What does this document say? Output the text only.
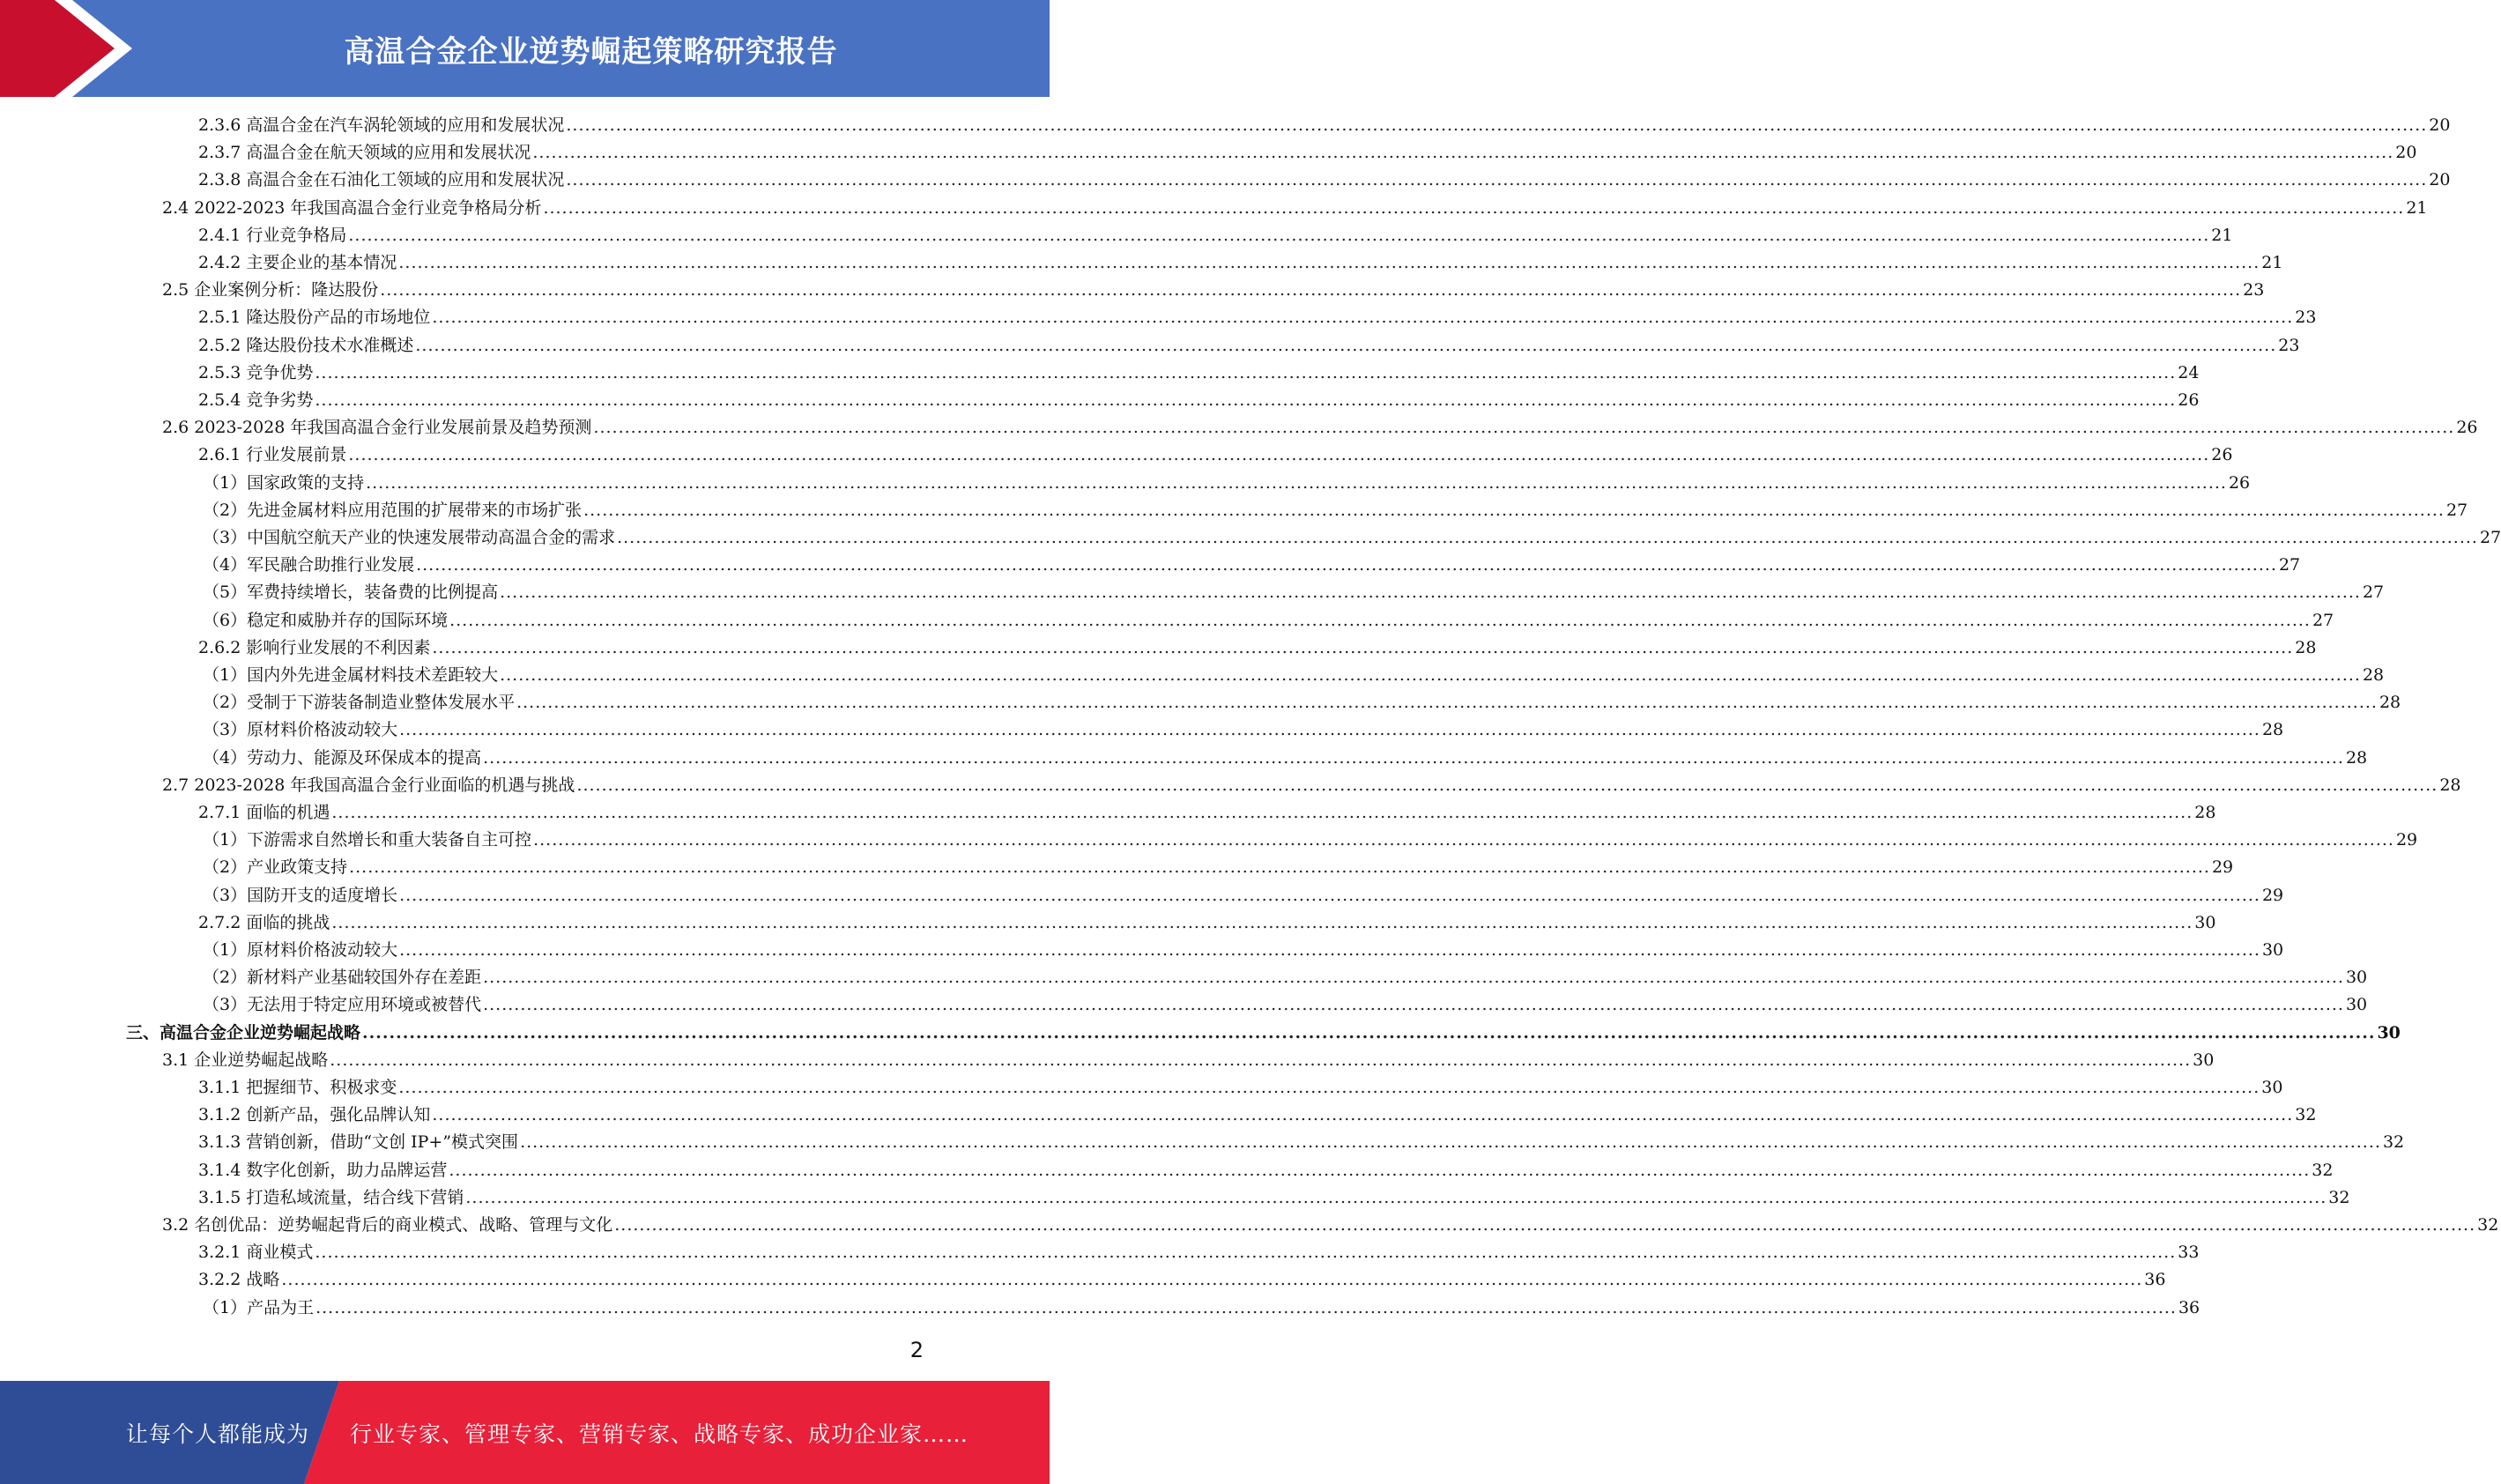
高温合金企业逆势崛起策略研究报告
2.3.6 高温合金在汽车涡轮领域的应用和发展状况 ............................................................................................................................................................................................................................................................................................................ 20
2.3.7 高温合金在航天领域的应用和发展状况 ............................................................................................................................................................................................................................................................................................................ 20
2.3.8 高温合金在石油化工领域的应用和发展状况 ............................................................................................................................................................................................................................................................................................................ 20
2.4 2022-2023 年我国高温合金行业竞争格局分析 ............................................................................................................................................................................................................................................................................................................ 21
2.4.1 行业竞争格局 ............................................................................................................................................................................................................................................................................................................ 21
2.4.2 主要企业的基本情况 ............................................................................................................................................................................................................................................................................................................ 21
2.5 企业案例分析：隆达股份 ............................................................................................................................................................................................................................................................................................................ 23
2.5.1 隆达股份产品的市场地位 ............................................................................................................................................................................................................................................................................................................ 23
2.5.2 隆达股份技术水准概述 ............................................................................................................................................................................................................................................................................................................ 23
2.5.3 竞争优势 ............................................................................................................................................................................................................................................................................................................ 24
2.5.4 竞争劣势 ............................................................................................................................................................................................................................................................................................................ 26
2.6 2023-2028 年我国高温合金行业发展前景及趋势预测 ............................................................................................................................................................................................................................................................................................................ 26
2.6.1 行业发展前景 ............................................................................................................................................................................................................................................................................................................ 26
（1）国家政策的支持 ............................................................................................................................................................................................................................................................................................................ 26
（2）先进金属材料应用范围的扩展带来的市场扩张 ............................................................................................................................................................................................................................................................................................................ 27
（3）中国航空航天产业的快速发展带动高温合金的需求 ............................................................................................................................................................................................................................................................................................................ 27
（4）军民融合助推行业发展 ............................................................................................................................................................................................................................................................................................................ 27
（5）军费持续增长，装备费的比例提高 ............................................................................................................................................................................................................................................................................................................ 27
（6）稳定和威胁并存的国际环境 ............................................................................................................................................................................................................................................................................................................ 27
2.6.2 影响行业发展的不利因素 ............................................................................................................................................................................................................................................................................................................ 28
（1）国内外先进金属材料技术差距较大 ............................................................................................................................................................................................................................................................................................................ 28
（2）受制于下游装备制造业整体发展水平 ............................................................................................................................................................................................................................................................................................................ 28
（3）原材料价格波动较大 ............................................................................................................................................................................................................................................................................................................ 28
（4）劳动力、能源及环保成本的提高 ............................................................................................................................................................................................................................................................................................................ 28
2.7 2023-2028 年我国高温合金行业面临的机遇与挑战 ............................................................................................................................................................................................................................................................................................................ 28
2.7.1 面临的机遇 ............................................................................................................................................................................................................................................................................................................ 28
（1）下游需求自然增长和重大装备自主可控 ............................................................................................................................................................................................................................................................................................................ 29
（2）产业政策支持 ............................................................................................................................................................................................................................................................................................................ 29
（3）国防开支的适度增长 ............................................................................................................................................................................................................................................................................................................ 29
2.7.2 面临的挑战 ............................................................................................................................................................................................................................................................................................................ 30
（1）原材料价格波动较大 ............................................................................................................................................................................................................................................................................................................ 30
（2）新材料产业基础较国外存在差距 ............................................................................................................................................................................................................................................................................................................ 30
（3）无法用于特定应用环境或被替代 ............................................................................................................................................................................................................................................................................................................ 30
三、高温合金企业逆势崛起战略 ............................................................................................................................................................................................................................................................................................................ 30
3.1 企业逆势崛起战略 ............................................................................................................................................................................................................................................................................................................ 30
3.1.1 把握细节、积极求变 ............................................................................................................................................................................................................................................................................................................ 30
3.1.2 创新产品，强化品牌认知 ............................................................................................................................................................................................................................................................................................................ 32
3.1.3 营销创新，借助“文创 IP+”模式突围 ............................................................................................................................................................................................................................................................................................................ 32
3.1.4 数字化创新，助力品牌运营 ............................................................................................................................................................................................................................................................................................................ 32
3.1.5 打造私域流量，结合线下营销 ............................................................................................................................................................................................................................................................................................................ 32
3.2 名创优品：逆势崛起背后的商业模式、战略、管理与文化 ............................................................................................................................................................................................................................................................................................................ 32
3.2.1 商业模式 ............................................................................................................................................................................................................................................................................................................ 33
3.2.2 战略 ............................................................................................................................................................................................................................................................................................................ 36
（1）产品为王 ............................................................................................................................................................................................................................................................................................................ 36
2
让每个人都能成为 行业专家、管理专家、营销专家、战略专家、成功企业家……
